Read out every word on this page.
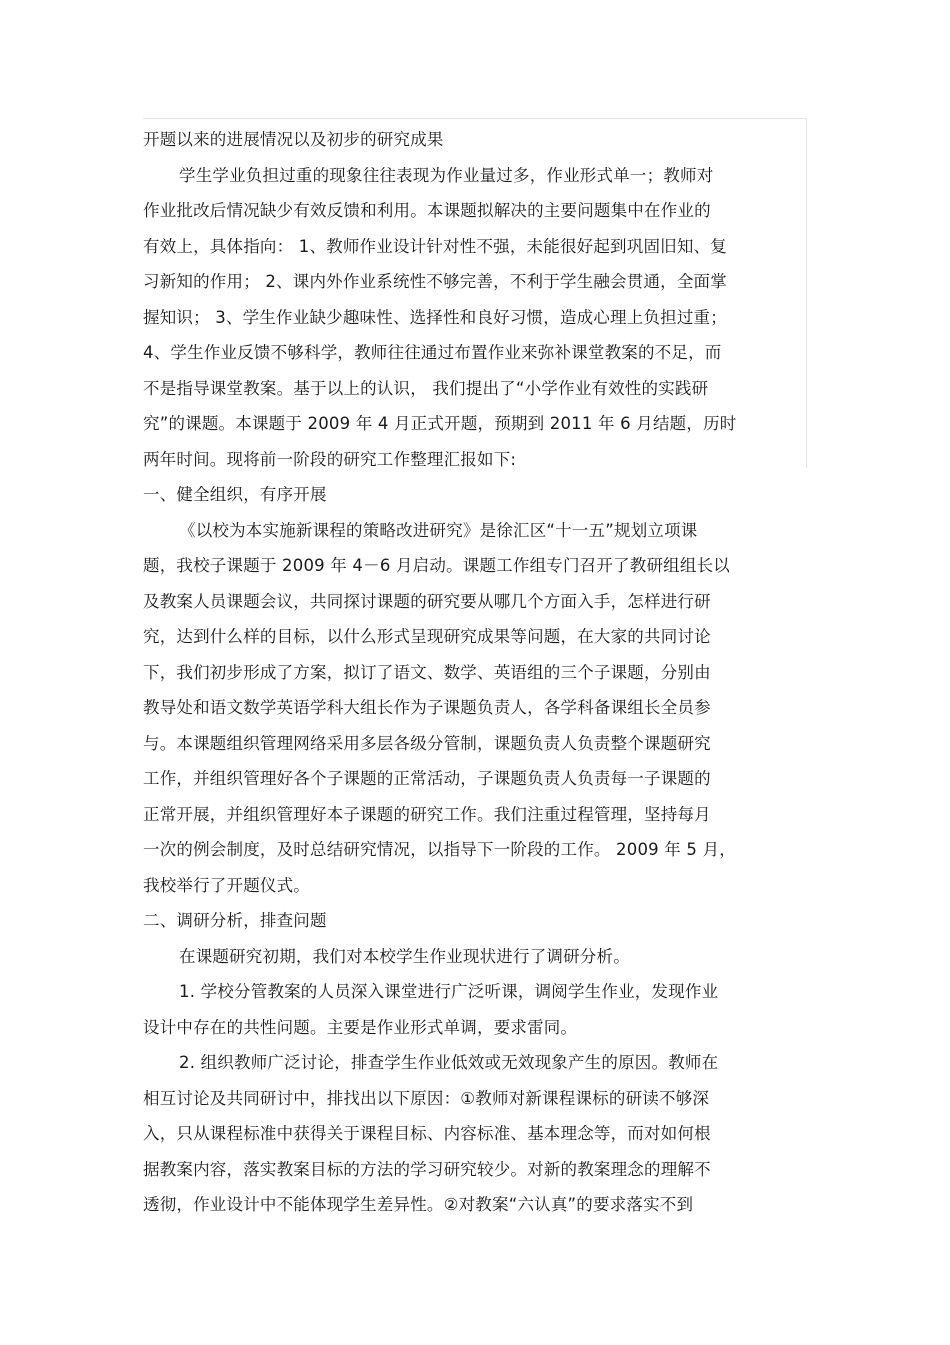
开题以来的进展情况以及初步的研究成果
学生学业负担过重的现象往往表现为作业量过多，作业形式单一；教师对
作业批改后情况缺少有效反馈和利用。本课题拟解决的主要问题集中在作业的
有效上，具体指向： 1、教师作业设计针对性不强，未能很好起到巩固旧知、复
习新知的作用； 2、课内外作业系统性不够完善，不利于学生融会贯通，全面掌
握知识； 3、学生作业缺少趣味性、选择性和良好习惯，造成心理上负担过重；
4、学生作业反馈不够科学，教师往往通过布置作业来弥补课堂教案的不足，而
不是指导课堂教案。基于以上的认识， 我们提出了“小学作业有效性的实践研
究”的课题。本课题于 2009 年 4 月正式开题，预期到 2011 年 6 月结题，历时
两年时间。现将前一阶段的研究工作整理汇报如下:
一、健全组织，有序开展
《以校为本实施新课程的策略改进研究》是徐汇区“十一五”规划立项课
题，我校子课题于 2009 年 4－6 月启动。课题工作组专门召开了教研组组长以
及教案人员课题会议，共同探讨课题的研究要从哪几个方面入手，怎样进行研
究，达到什么样的目标，以什么形式呈现研究成果等问题，在大家的共同讨论
下，我们初步形成了方案，拟订了语文、数学、英语组的三个子课题，分别由
教导处和语文数学英语学科大组长作为子课题负责人，各学科备课组长全员参
与。本课题组织管理网络采用多层各级分管制，课题负责人负责整个课题研究
工作，并组织管理好各个子课题的正常活动，子课题负责人负责每一子课题的
正常开展，并组织管理好本子课题的研究工作。我们注重过程管理，坚持每月
一次的例会制度，及时总结研究情况，以指导下一阶段的工作。 2009 年 5 月，
我校举行了开题仪式。
二、调研分析，排查问题
在课题研究初期，我们对本校学生作业现状进行了调研分析。
1. 学校分管教案的人员深入课堂进行广泛听课，调阅学生作业，发现作业
设计中存在的共性问题。主要是作业形式单调，要求雷同。
2. 组织教师广泛讨论，排查学生作业低效或无效现象产生的原因。教师在
相互讨论及共同研讨中，排找出以下原因：①教师对新课程课标的研读不够深
入，只从课程标准中获得关于课程目标、内容标准、基本理念等，而对如何根
据教案内容，落实教案目标的方法的学习研究较少。对新的教案理念的理解不
透彻，作业设计中不能体现学生差异性。②对教案“六认真”的要求落实不到
